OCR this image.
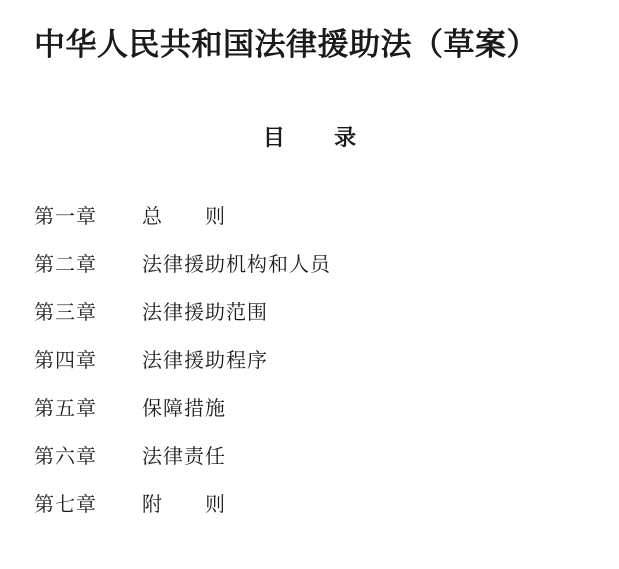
中华人民共和国法律援助法（草案）
目 录
第一章	总　　则
第二章	法律援助机构和人员
第三章	法律援助范围
第四章	法律援助程序
第五章	保障措施
第六章	法律责任
第七章	附　　则
